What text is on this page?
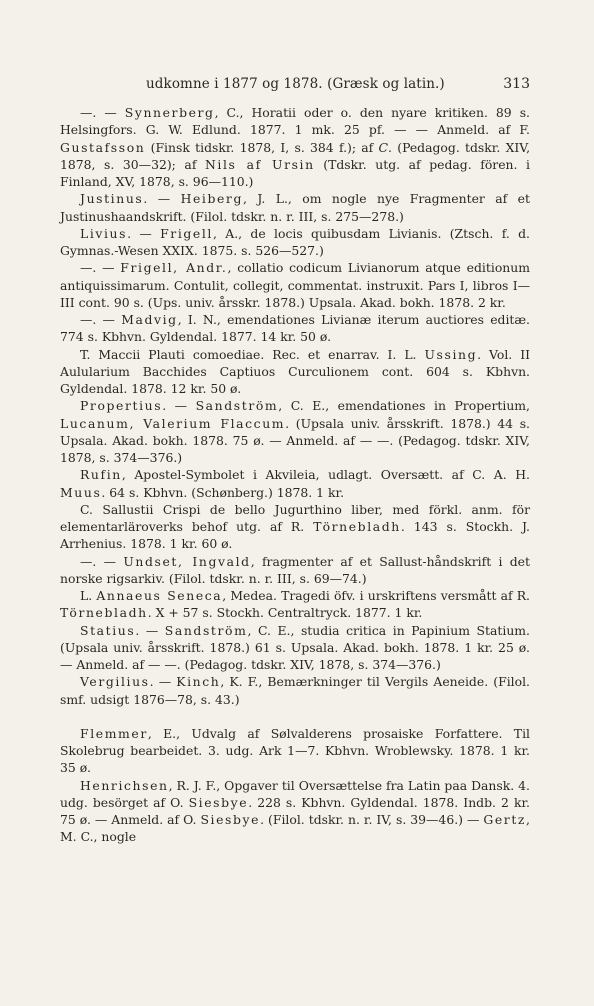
udkomne i 1877 og 1878. (Græsk og latin.)	313

—. — Synnerberg, C., Horatii oder o. den nyare kritiken. 89 s. Helsingfors. G. W. Edlund. 1877. 1 mk. 25 pf. — — Anmeld. af F. Gustafsson (Finsk tidskr. 1878, I, s. 384 f.); af C. (Pedagog. tdskr. XIV, 1878, s. 30—32); af Nils af Ursin (Tdskr. utg. af pedag. fören. i Finland, XV, 1878, s. 96—110.)

Justinus. — Heiberg, J. L., om nogle nye Fragmenter af et Justinushaandskrift. (Filol. tdskr. n. r. III, s. 275—278.)

Livius. — Frigell, A., de locis quibusdam Livianis. (Ztsch. f. d. Gymnas.-Wesen XXIX. 1875. s. 526—527.)

—. — Frigell, Andr., collatio codicum Livianorum atque editionum antiquissimarum. Contulit, collegit, commentat. instruxit. Pars I, libros I—III cont. 90 s. (Ups. univ. årsskr. 1878.) Upsala. Akad. bokh. 1878. 2 kr.

—. — Madvig, I. N., emendationes Livianæ iterum auctiores editæ. 774 s. Kbhvn. Gyldendal. 1877. 14 kr. 50 ø.

T. Maccii Plauti comoediae. Rec. et enarrav. I. L. Ussing. Vol. II Aulularium Bacchides Captiuos Curculionem cont. 604 s. Kbhvn. Gyldendal. 1878. 12 kr. 50 ø.

Propertius. — Sandström, C. E., emendationes in Propertium, Lucanum, Valerium Flaccum. (Upsala univ. årsskrift. 1878.) 44 s. Upsala. Akad. bokh. 1878. 75 ø. — Anmeld. af — —. (Pedagog. tdskr. XIV, 1878, s. 374—376.)

Rufin, Apostel-Symbolet i Akvileia, udlagt. Oversætt. af C. A. H. Muus. 64 s. Kbhvn. (Schønberg.) 1878. 1 kr.

C. Sallustii Crispi de bello Jugurthino liber, med förkl. anm. för elementarläroverks behof utg. af R. Törnebladh. 143 s. Stockh. J. Arrhenius. 1878. 1 kr. 60 ø.

—. — Undset, Ingvald, fragmenter af et Sallust-håndskrift i det norske rigsarkiv. (Filol. tdskr. n. r. III, s. 69—74.)

L. Annaeus Seneca, Medea. Tragedi öfv. i urskriftens versmått af R. Törnebladh. X + 57 s. Stockh. Centraltryck. 1877. 1 kr.

Statius. — Sandström, C. E., studia critica in Papinium Statium. (Upsala univ. årsskrift. 1878.) 61 s. Upsala. Akad. bokh. 1878. 1 kr. 25 ø. — Anmeld. af — —. (Pedagog. tdskr. XIV, 1878, s. 374—376.)

Vergilius. — Kinch, K. F., Bemærkninger til Vergils Aeneide. (Filol. smf. udsigt 1876—78, s. 43.)

Flemmer, E., Udvalg af Sølvalderens prosaiske Forfattere. Til Skolebrug bearbeidet. 3. udg. Ark 1—7. Kbhvn. Wroblewsky. 1878. 1 kr. 35 ø.

Henrichsen, R. J. F., Opgaver til Oversættelse fra Latin paa Dansk. 4. udg. besörget af O. Siesbye. 228 s. Kbhvn. Gyldendal. 1878. Indb. 2 kr. 75 ø. — Anmeld. af O. Siesbye. (Filol. tdskr. n. r. IV, s. 39—46.) — Gertz, M. C., nogle
